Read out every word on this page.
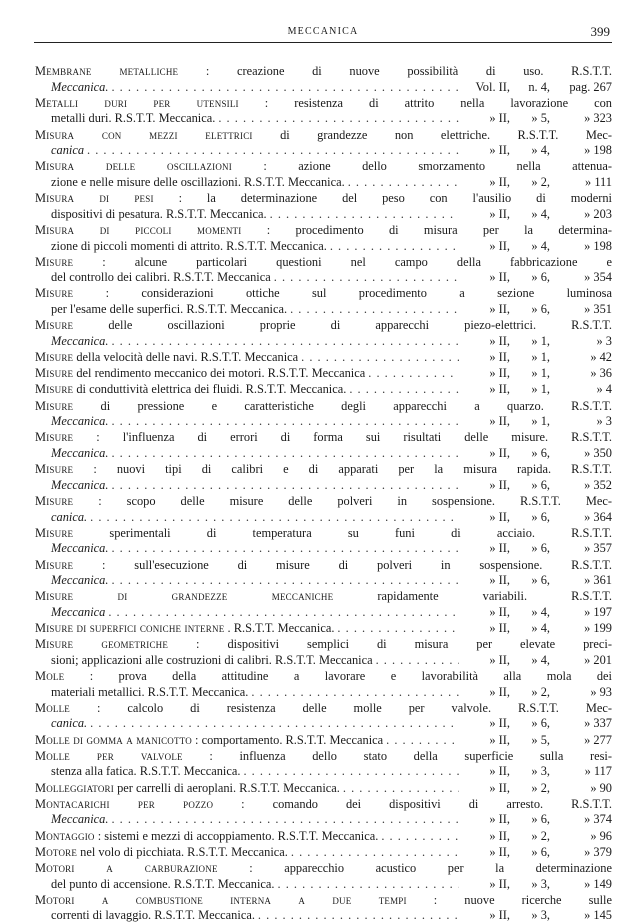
MECCANICA	399
Membrane metalliche : creazione di nuove possibilità di uso. R.S.T.T.
Meccanica. . . .	Vol. II,	n. 4,	pag. 267
Metalli duri per utensili : resistenza di attrito nella lavorazione con
metalli duri. R.S.T.T. Meccanica. . . .	» II,	» 5,	» 323
Misura con mezzi elettrici di grandezze non elettriche. R.S.T.T. Mec-
canica . . .	» II,	» 4,	» 198
Misura delle oscillazioni	: azione dello smorzamento nella attenua-
zione e nelle misure delle oscillazioni. R.S.T.T. Meccanica. . . .	» II,	» 2,	» 111
Misura di pesi : la determinazione del peso con l'ausilio di moderni
dispositivi di pesatura. R.S.T.T. Meccanica. . . .	» II,	» 4,	» 203
Misura di piccoli momenti : procedimento di misura per la determina-
zione di piccoli momenti di attrito. R.S.T.T. Meccanica. . . .	» II,	» 4,	» 198
Misure : alcune particolari questioni nel campo della fabbricazione e
del controllo dei calibri. R.S.T.T. Meccanica . . .	» II,	» 6,	» 354
Misure	: considerazioni ottiche sul procedimento a sezione luminosa
per l'esame delle superfici. R.S.T.T. Meccanica. . . .	» II,	» 6,	» 351
Misure	delle oscillazioni proprie di apparecchi piezo-elettrici. R.S.T.T.
Meccanica. . . .	» II,	» 1,	» 3
Misure della velocità delle navi. R.S.T.T. Meccanica . . .	» II,	» 1,	» 42
Misure del rendimento meccanico dei motori. R.S.T.T. Meccanica . . .	» II,	» 1,	» 36
Misure di conduttività elettrica dei fluidi. R.S.T.T. Meccanica. . . .	» II,	» 1,	» 4
Misure di pressione e caratteristiche degli apparecchi a quarzo. R.S.T.T.
Meccanica. . . .	» II,	» 1,	» 3
Misure : l'influenza di errori di forma sui risultati delle misure. R.S.T.T.
Meccanica. . . .	» II,	» 6,	» 350
Misure : nuovi tipi di calibri e di apparati per la misura rapida. R.S.T.T.
Meccanica. . . .	» II,	» 6,	» 352
Misure : scopo delle misure delle polveri in sospensione. R.S.T.T. Mec-
canica. . . .	» II,	» 6,	» 364
Misure	sperimentali di temperatura su funi di acciaio. R.S.T.T.
Meccanica. . . .	» II,	» 6,	» 357
Misure : sull'esecuzione di misure di polveri in sospensione. R.S.T.T.
Meccanica. . . .	» II,	» 6,	» 361
Misure di grandezze meccaniche	rapidamente variabili. R.S.T.T.
Meccanica . . .	» II,	» 4,	» 197
Misure di superfici coniche interne . R.S.T.T. Meccanica. . . .	» II,	» 4,	» 199
Misure geometriche : dispositivi semplici di misura per elevate preci-
sioni; applicazioni alle costruzioni di calibri. R.S.T.T. Meccanica . . .	» II,	» 4,	» 201
Mole : prova della attitudine a lavorare e lavorabilità alla mola dei
materiali metallici. R.S.T.T. Meccanica. . . .	» II,	» 2,	» 93
Molle : calcolo di resistenza delle molle per valvole. R.S.T.T. Mec-
canica. . . .	» II,	» 6,	» 337
Molle di gomma a manicotto : comportamento. R.S.T.T. Meccanica . . .	» II,	» 5,	» 277
Molle per valvole : influenza dello stato della superficie sulla resi-
stenza alla fatica. R.S.T.T. Meccanica. . . .	» II,	» 3,	» 117
Molleggiatori per carrelli di aeroplani. R.S.T.T. Meccanica. . . .	» II,	» 2,	» 90
Montacarichi per pozzo : comando dei dispositivi di arresto. R.S.T.T.
Meccanica. . . .	» II,	» 6,	» 374
Montaggio : sistemi e mezzi di accoppiamento. R.S.T.T. Meccanica. . . .	» II,	» 2,	» 96
Motore nel volo di picchiata. R.S.T.T. Meccanica. . . .	» II,	» 6,	» 379
Motori a carburazione	: apparecchio acustico per la determinazione
del punto di accensione. R.S.T.T. Meccanica. . . .	» II,	» 3,	» 149
Motori a combustione interna a due tempi : nuove ricerche sulle
correnti di lavaggio. R.S.T.T. Meccanica. . . .	» II,	» 3,	» 145
